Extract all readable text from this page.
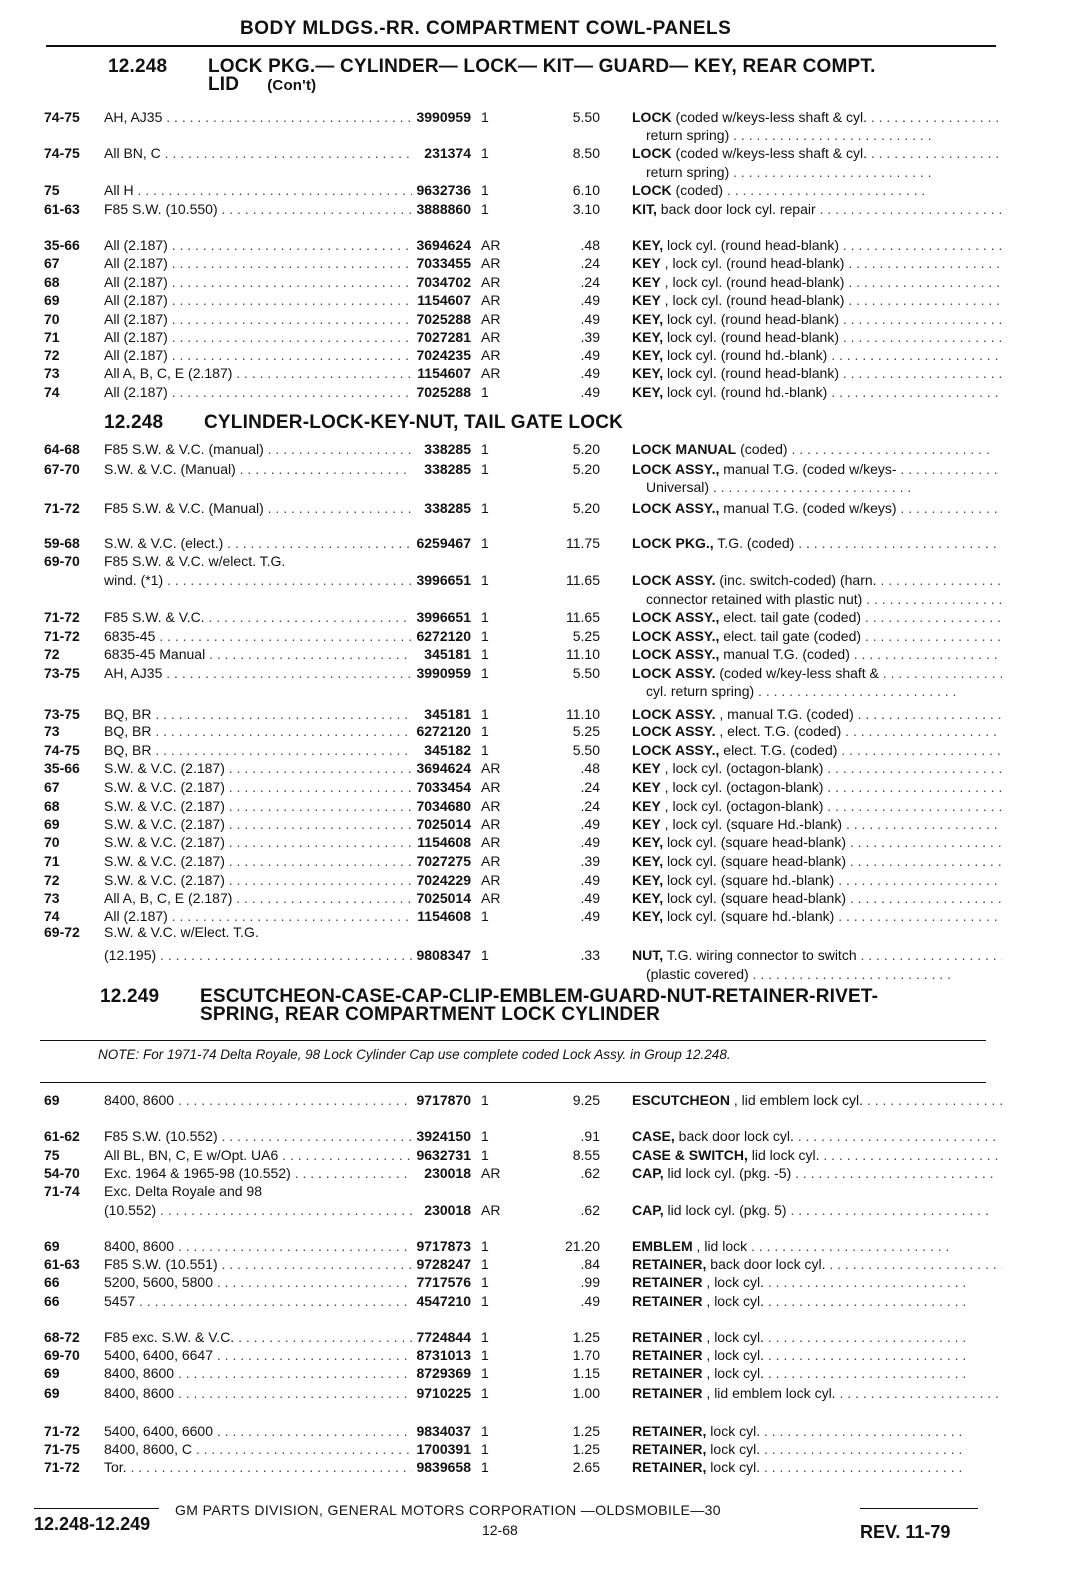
BODY MLDGS.-RR. COMPARTMENT COWL-PANELS
12.248 LOCK PKG.— CYLINDER— LOCK— KIT— GUARD— KEY, REAR COMPT.
LID (Con't)
12.248 CYLINDER-LOCK-KEY-NUT, TAIL GATE LOCK
12.249 ESCUTCHEON-CASE-CAP-CLIP-EMBLEM-GUARD-NUT-RETAINER-RIVET-
SPRING, REAR COMPARTMENT LOCK CYLINDER
NOTE: For 1971-74 Delta Royale, 98 Lock Cylinder Cap use complete coded Lock Assy. in Group 12.248.
74-75	AH, AJ35 . . .	3990959 1	5.50 LOCK (coded w/keys-less shaft & cyl. . . .
return spring) . . .
74-75	All BN, C . . .	231374 1	8.50 LOCK (coded w/keys-less shaft & cyl. . . .
return spring) . . .
75	All H . . .	9632736 1	6.10 LOCK (coded) . . .
61-63	F85 S.W. (10.550) . . .	3888860 1	3.10 KIT, back door lock cyl. repair . . .
35-66	All (2.187) . . .	3694624 AR	.48 KEY, lock cyl. (round head-blank) . . .
67	All (2.187) . . .	7033455 AR	.24 KEY , lock cyl. (round head-blank) . . .
68	All (2.187) . . .	7034702 AR	.24 KEY , lock cyl. (round head-blank) . . .
69	All (2.187) . . .	1154607 AR	.49 KEY , lock cyl. (round head-blank) . . .
70	All (2.187) . . .	7025288 AR	.49 KEY, lock cyl. (round head-blank) . . .
71	All (2.187) . . .	7027281 AR	.39 KEY, lock cyl. (round head-blank) . . .
72	All (2.187) . . .	7024235 AR	.49 KEY, lock cyl. (round hd.-blank) . . .
73	All A, B, C, E (2.187) . . .	1154607 AR	.49 KEY, lock cyl. (round head-blank) . . .
74	All (2.187) . . .	7025288 1	.49 KEY, lock cyl. (round hd.-blank) . . .
64-68	F85 S.W. & V.C. (manual) . . .	338285 1	5.20 LOCK MANUAL (coded) . . .
67-70	S.W. & V.C. (Manual) . . .	338285 1	5.20 LOCK ASSY., manual T.G. (coded w/keys- . . .
Universal) . . .
71-72	F85 S.W. & V.C. (Manual) . . .	338285 1	5.20 LOCK ASSY., manual T.G. (coded w/keys) . . .
59-68	S.W. & V.C. (elect.) . . .	6259467 1	11.75 LOCK PKG., T.G. (coded) . . .
69-70	F85 S.W. & V.C. w/elect. T.G.
wind. (*1) . . .	3996651 1	11.65 LOCK ASSY. (inc. switch-coded) (harn. . . .
connector retained with plastic nut) . . .
71-72	F85 S.W. & V.C. . . .	3996651 1	11.65 LOCK ASSY., elect. tail gate (coded) . . .
71-72	6835-45 . . .	6272120 1	5.25 LOCK ASSY., elect. tail gate (coded) . . .
72	6835-45 Manual . . .	345181 1	11.10 LOCK ASSY., manual T.G. (coded) . . .
73-75	AH, AJ35 . . .	3990959 1	5.50 LOCK ASSY. (coded w/key-less shaft & . . .
cyl. return spring) . . .
73-75	BQ, BR . . .	345181 1	11.10 LOCK ASSY. , manual T.G. (coded) . . .
73	BQ, BR . . .	6272120 1	5.25 LOCK ASSY. , elect. T.G. (coded) . . .
74-75	BQ, BR . . .	345182 1	5.50 LOCK ASSY., elect. T.G. (coded) . . .
35-66	S.W. & V.C. (2.187) . . .	3694624 AR	.48 KEY , lock cyl. (octagon-blank) . . .
67	S.W. & V.C. (2.187) . . .	7033454 AR	.24 KEY , lock cyl. (octagon-blank) . . .
68	S.W. & V.C. (2.187) . . .	7034680 AR	.24 KEY , lock cyl. (octagon-blank) . . .
69	S.W. & V.C. (2.187) . . .	7025014 AR	.49 KEY , lock cyl. (square Hd.-blank) . . .
70	S.W. & V.C. (2.187) . . .	1154608 AR	.49 KEY, lock cyl. (square head-blank) . . .
71	S.W. & V.C. (2.187) . . .	7027275 AR	.39 KEY, lock cyl. (square head-blank) . . .
72	S.W. & V.C. (2.187) . . .	7024229 AR	.49 KEY, lock cyl. (square hd.-blank) . . .
73	All A, B, C, E (2.187) . . .	7025014 AR	.49 KEY, lock cyl. (square head-blank) . . .
74	All (2.187) . . .	1154608 1	.49 KEY, lock cyl. (square hd.-blank) . . .
69-72	S.W. & V.C. w/Elect. T.G.
(12.195) . . .	9808347 1	.33 NUT, T.G. wiring connector to switch . . .
(plastic covered) . . .
69	8400, 8600 . . .	9717870 1	9.25 ESCUTCHEON , lid emblem lock cyl. . . .
61-62	F85 S.W. (10.552) . . .	3924150 1	.91 CASE, back door lock cyl. . . .
75	All BL, BN, C, E w/Opt. UA6 . . .	9632731 1	8.55 CASE & SWITCH, lid lock cyl. . . .
54-70	Exc. 1964 & 1965-98 (10.552) . . .	230018 AR	.62 CAP, lid lock cyl. (pkg. -5) . . .
71-74	Exc. Delta Royale and 98
(10.552) . . .	230018 AR	.62 CAP, lid lock cyl. (pkg. 5) . . .
69	8400, 8600 . . .	9717873 1	21.20 EMBLEM , lid lock . . .
61-63	F85 S.W. (10.551) . . .	9728247 1	.84 RETAINER, back door lock cyl. . . .
66	5200, 5600, 5800 . . .	7717576 1	.99 RETAINER , lock cyl. . . .
66	5457 . . .	4547210 1	.49 RETAINER , lock cyl. . . .
68-72	F85 exc. S.W. & V.C. . . .	7724844 1	1.25 RETAINER , lock cyl. . . .
69-70	5400, 6400, 6647 . . .	8731013 1	1.70 RETAINER , lock cyl. . . .
69	8400, 8600 . . .	8729369 1	1.15 RETAINER , lock cyl. . . .
69	8400, 8600 . . .	9710225 1	1.00 RETAINER , lid emblem lock cyl. . . .
71-72	5400, 6400, 6600 . . .	9834037 1	1.25 RETAINER, lock cyl. . . .
71-75	8400, 8600, C . . .	1700391 1	1.25 RETAINER, lock cyl. . . .
71-72	Tor. . . .	9839658 1	2.65 RETAINER, lock cyl. . . .
GM PARTS DIVISION, GENERAL MOTORS CORPORATION —OLDSMOBILE—30
12.248-12.249	12-68	REV. 11-79
